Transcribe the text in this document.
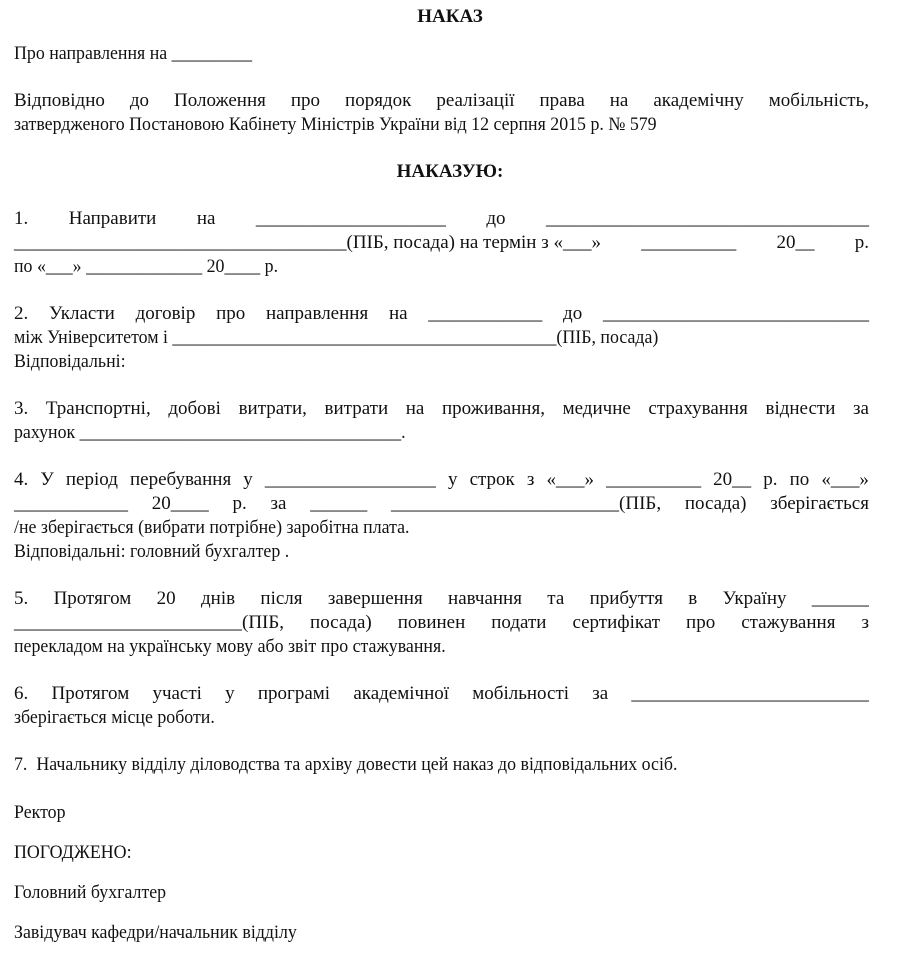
НАКАЗ
Про направлення на _________
Відповідно до Положення про порядок реалізації права на академічну мобільність,
затвердженого Постановою Кабінету Міністрів України від 12 серпня 2015 р. № 579
НАКАЗУЮ:
1. Направити на ____________________ до __________________________________
___________________________________(ПІБ, посада) на термін з «___» __________ 20__ р.
по «___» _____________ 20____ р.
2. Укласти договір про направлення на ____________ до ____________________________
між Університетом і ___________________________________________(ПІБ, посада)
Відповідальні:
3. Транспортні, добові витрати, витрати на проживання, медичне страхування віднести за
рахунок ____________________________________.
4. У період перебування у __________________ у строк з «___» __________ 20__ р. по «___»
____________ 20____ р. за ______ ________________________(ПІБ, посада) зберігається
/не зберігається (вибрати потрібне) заробітна плата.
Відповідальні: головний бухгалтер .
5. Протягом 20 днів після завершення навчання та прибуття в Україну ______
________________________(ПІБ, посада) повинен подати сертифікат про стажування з
перекладом на українську мову або звіт про стажування.
6. Протягом участі у програмі академічної мобільності за _________________________
зберігається місце роботи.
7.  Начальнику відділу діловодства та архіву довести цей наказ до відповідальних осіб.
Ректор
ПОГОДЖЕНО:
Головний бухгалтер
Завідувач кафедри/начальник відділу
